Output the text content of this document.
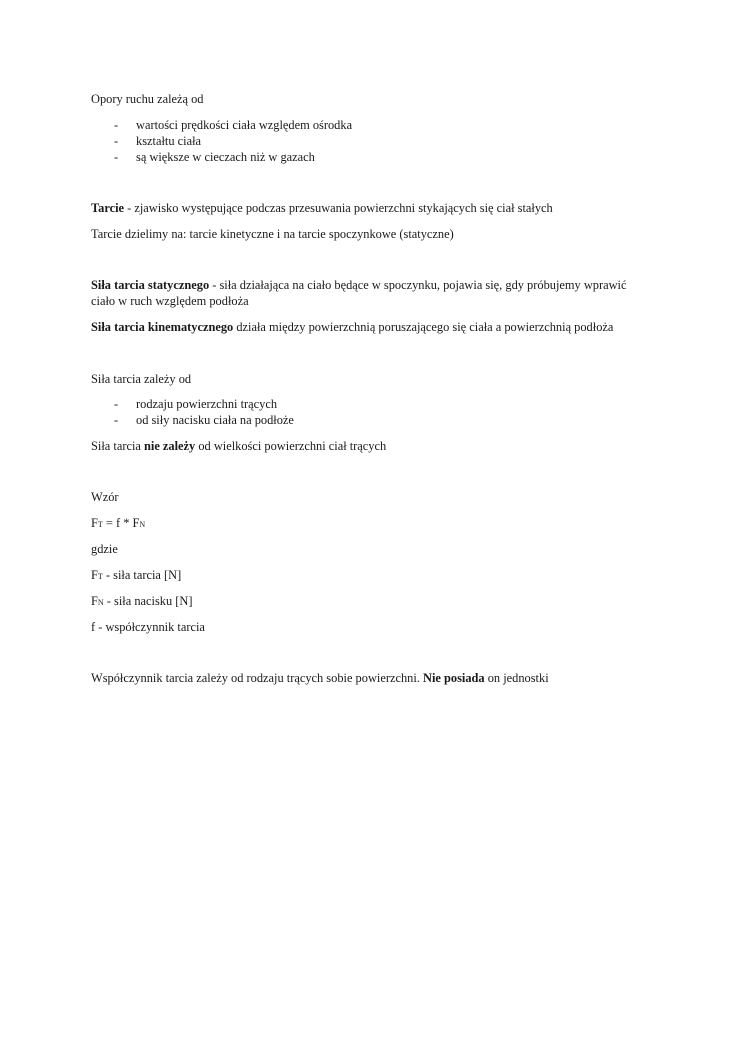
Opory ruchu zależą od
- wartości prędkości ciała względem ośrodka
- kształtu ciała
- są większe w cieczach niż w gazach
Tarcie - zjawisko występujące podczas przesuwania powierzchni stykających się ciał stałych
Tarcie dzielimy na: tarcie kinetyczne i na tarcie spoczynkowe (statyczne)
Siła tarcia statycznego - siła działająca na ciało będące w spoczynku, pojawia się, gdy próbujemy wprawić ciało w ruch względem podłoża
Siła tarcia kinematycznego działa między powierzchnią poruszającego się ciała a powierzchnią podłoża
Siła tarcia zależy od
- rodzaju powierzchni trących
- od siły nacisku ciała na podłoże
Siła tarcia nie zależy od wielkości powierzchni ciał trących
Wzór
FT = f * FN
gdzie
FT - siła tarcia [N]
FN - siła nacisku [N]
f - współczynnik tarcia
Współczynnik tarcia zależy od rodzaju trących sobie powierzchni. Nie posiada on jednostki
